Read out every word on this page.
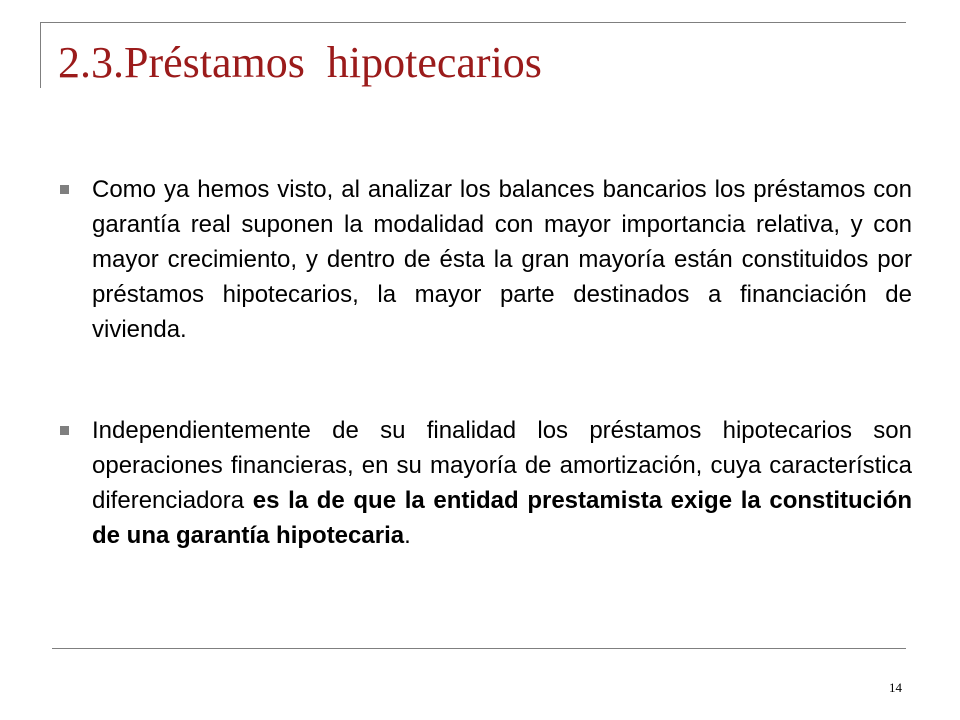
2.3.Préstamos  hipotecarios

Como ya hemos visto, al analizar los balances bancarios los préstamos con garantía real suponen la modalidad con mayor importancia relativa, y con mayor crecimiento, y dentro de ésta la gran mayoría están constituidos por préstamos hipotecarios, la mayor parte destinados a financiación de vivienda.

Independientemente de su finalidad los préstamos hipotecarios son operaciones financieras, en su mayoría de amortización, cuya característica diferenciadora es la de que la entidad prestamista exige la constitución de una garantía hipotecaria.

14
